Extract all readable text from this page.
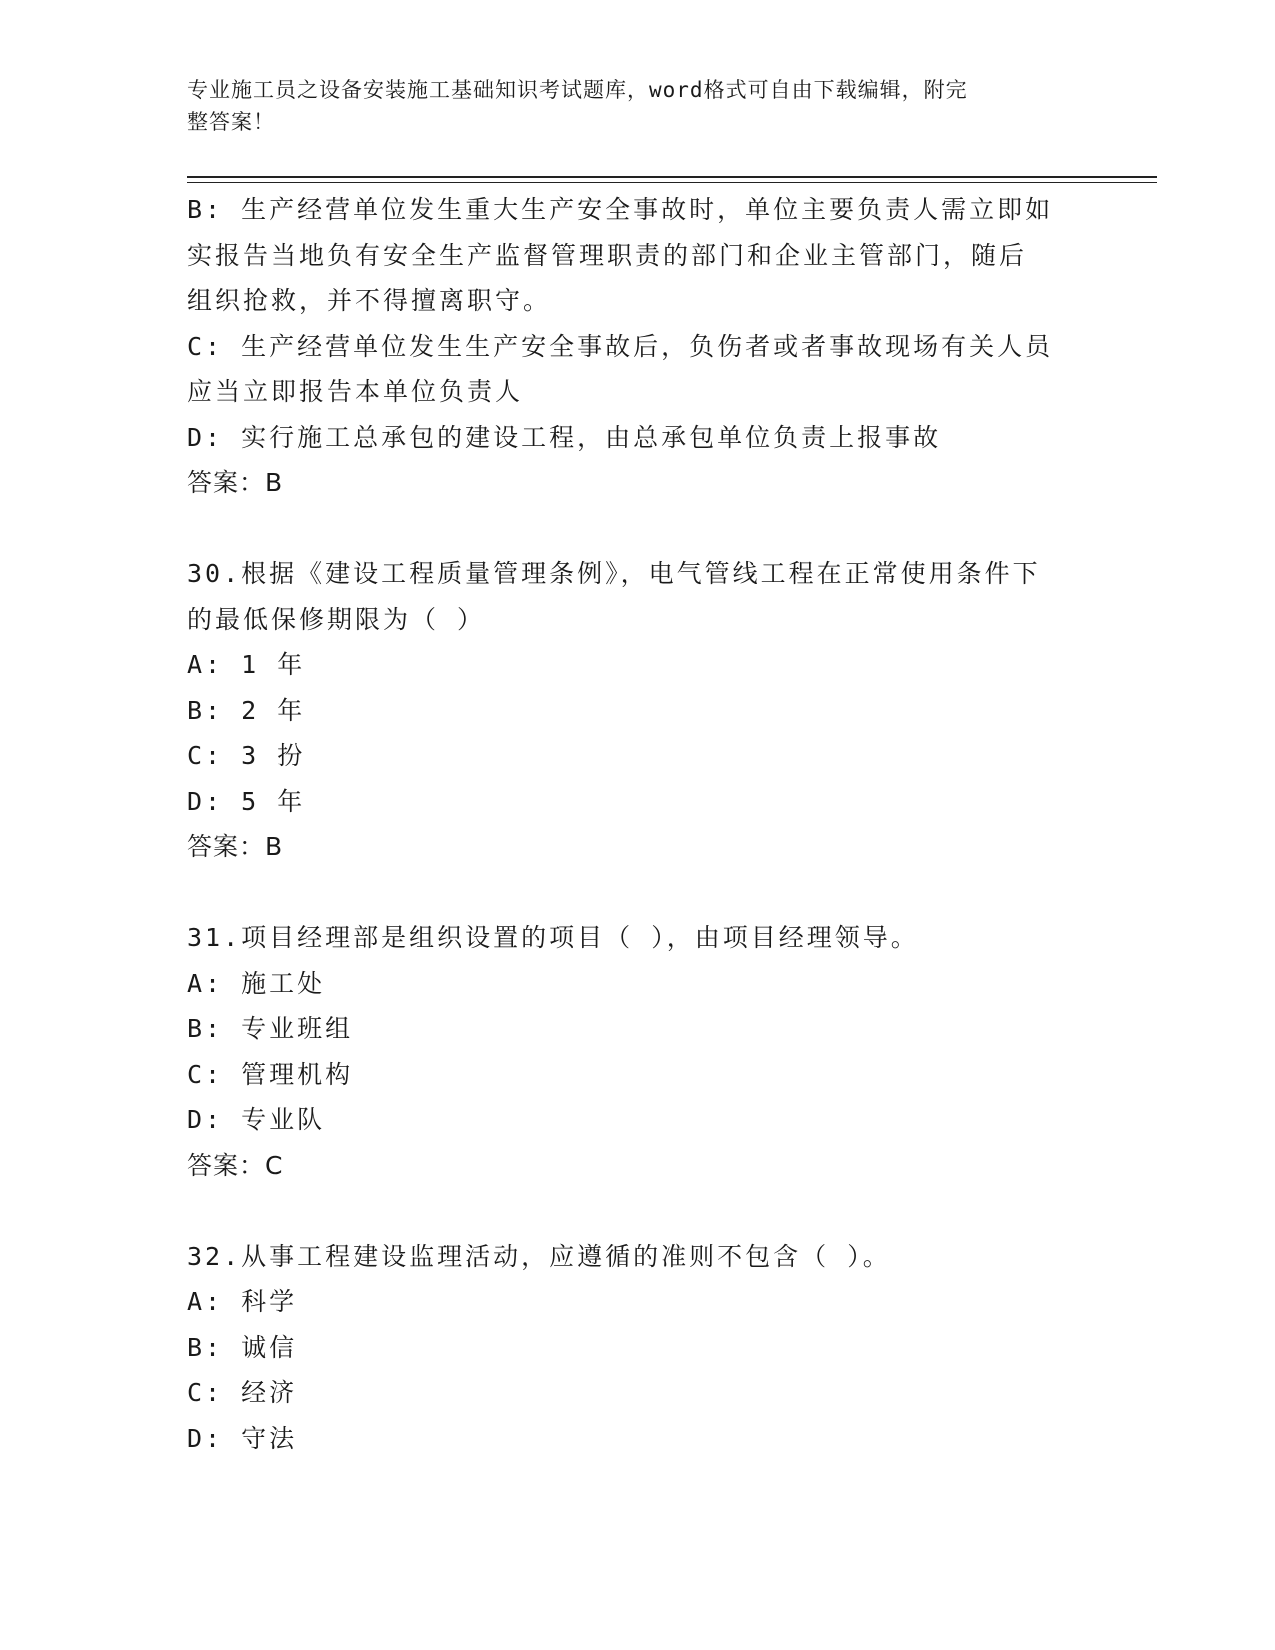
专业施工员之设备安装施工基础知识考试题库，word格式可自由下载编辑，附完
整答案！
B: 生产经营单位发生重大生产安全事故时，单位主要负责人需立即如
实报告当地负有安全生产监督管理职责的部门和企业主管部门，随后
组织抢救，并不得擅离职守。
C: 生产经营单位发生生产安全事故后，负伤者或者事故现场有关人员
应当立即报告本单位负责人
D: 实行施工总承包的建设工程，由总承包单位负责上报事故
答案：B
30.根据《建设工程质量管理条例》，电气管线工程在正常使用条件下
的最低保修期限为（ ）
A: 1 年
B: 2 年
C: 3 扮
D: 5 年
答案：B
31.项目经理部是组织设置的项目（ ），由项目经理领导。
A: 施工处
B: 专业班组
C: 管理机构
D: 专业队
答案：C
32.从事工程建设监理活动，应遵循的准则不包含（ ）。
A: 科学
B: 诚信
C: 经济
D: 守法
